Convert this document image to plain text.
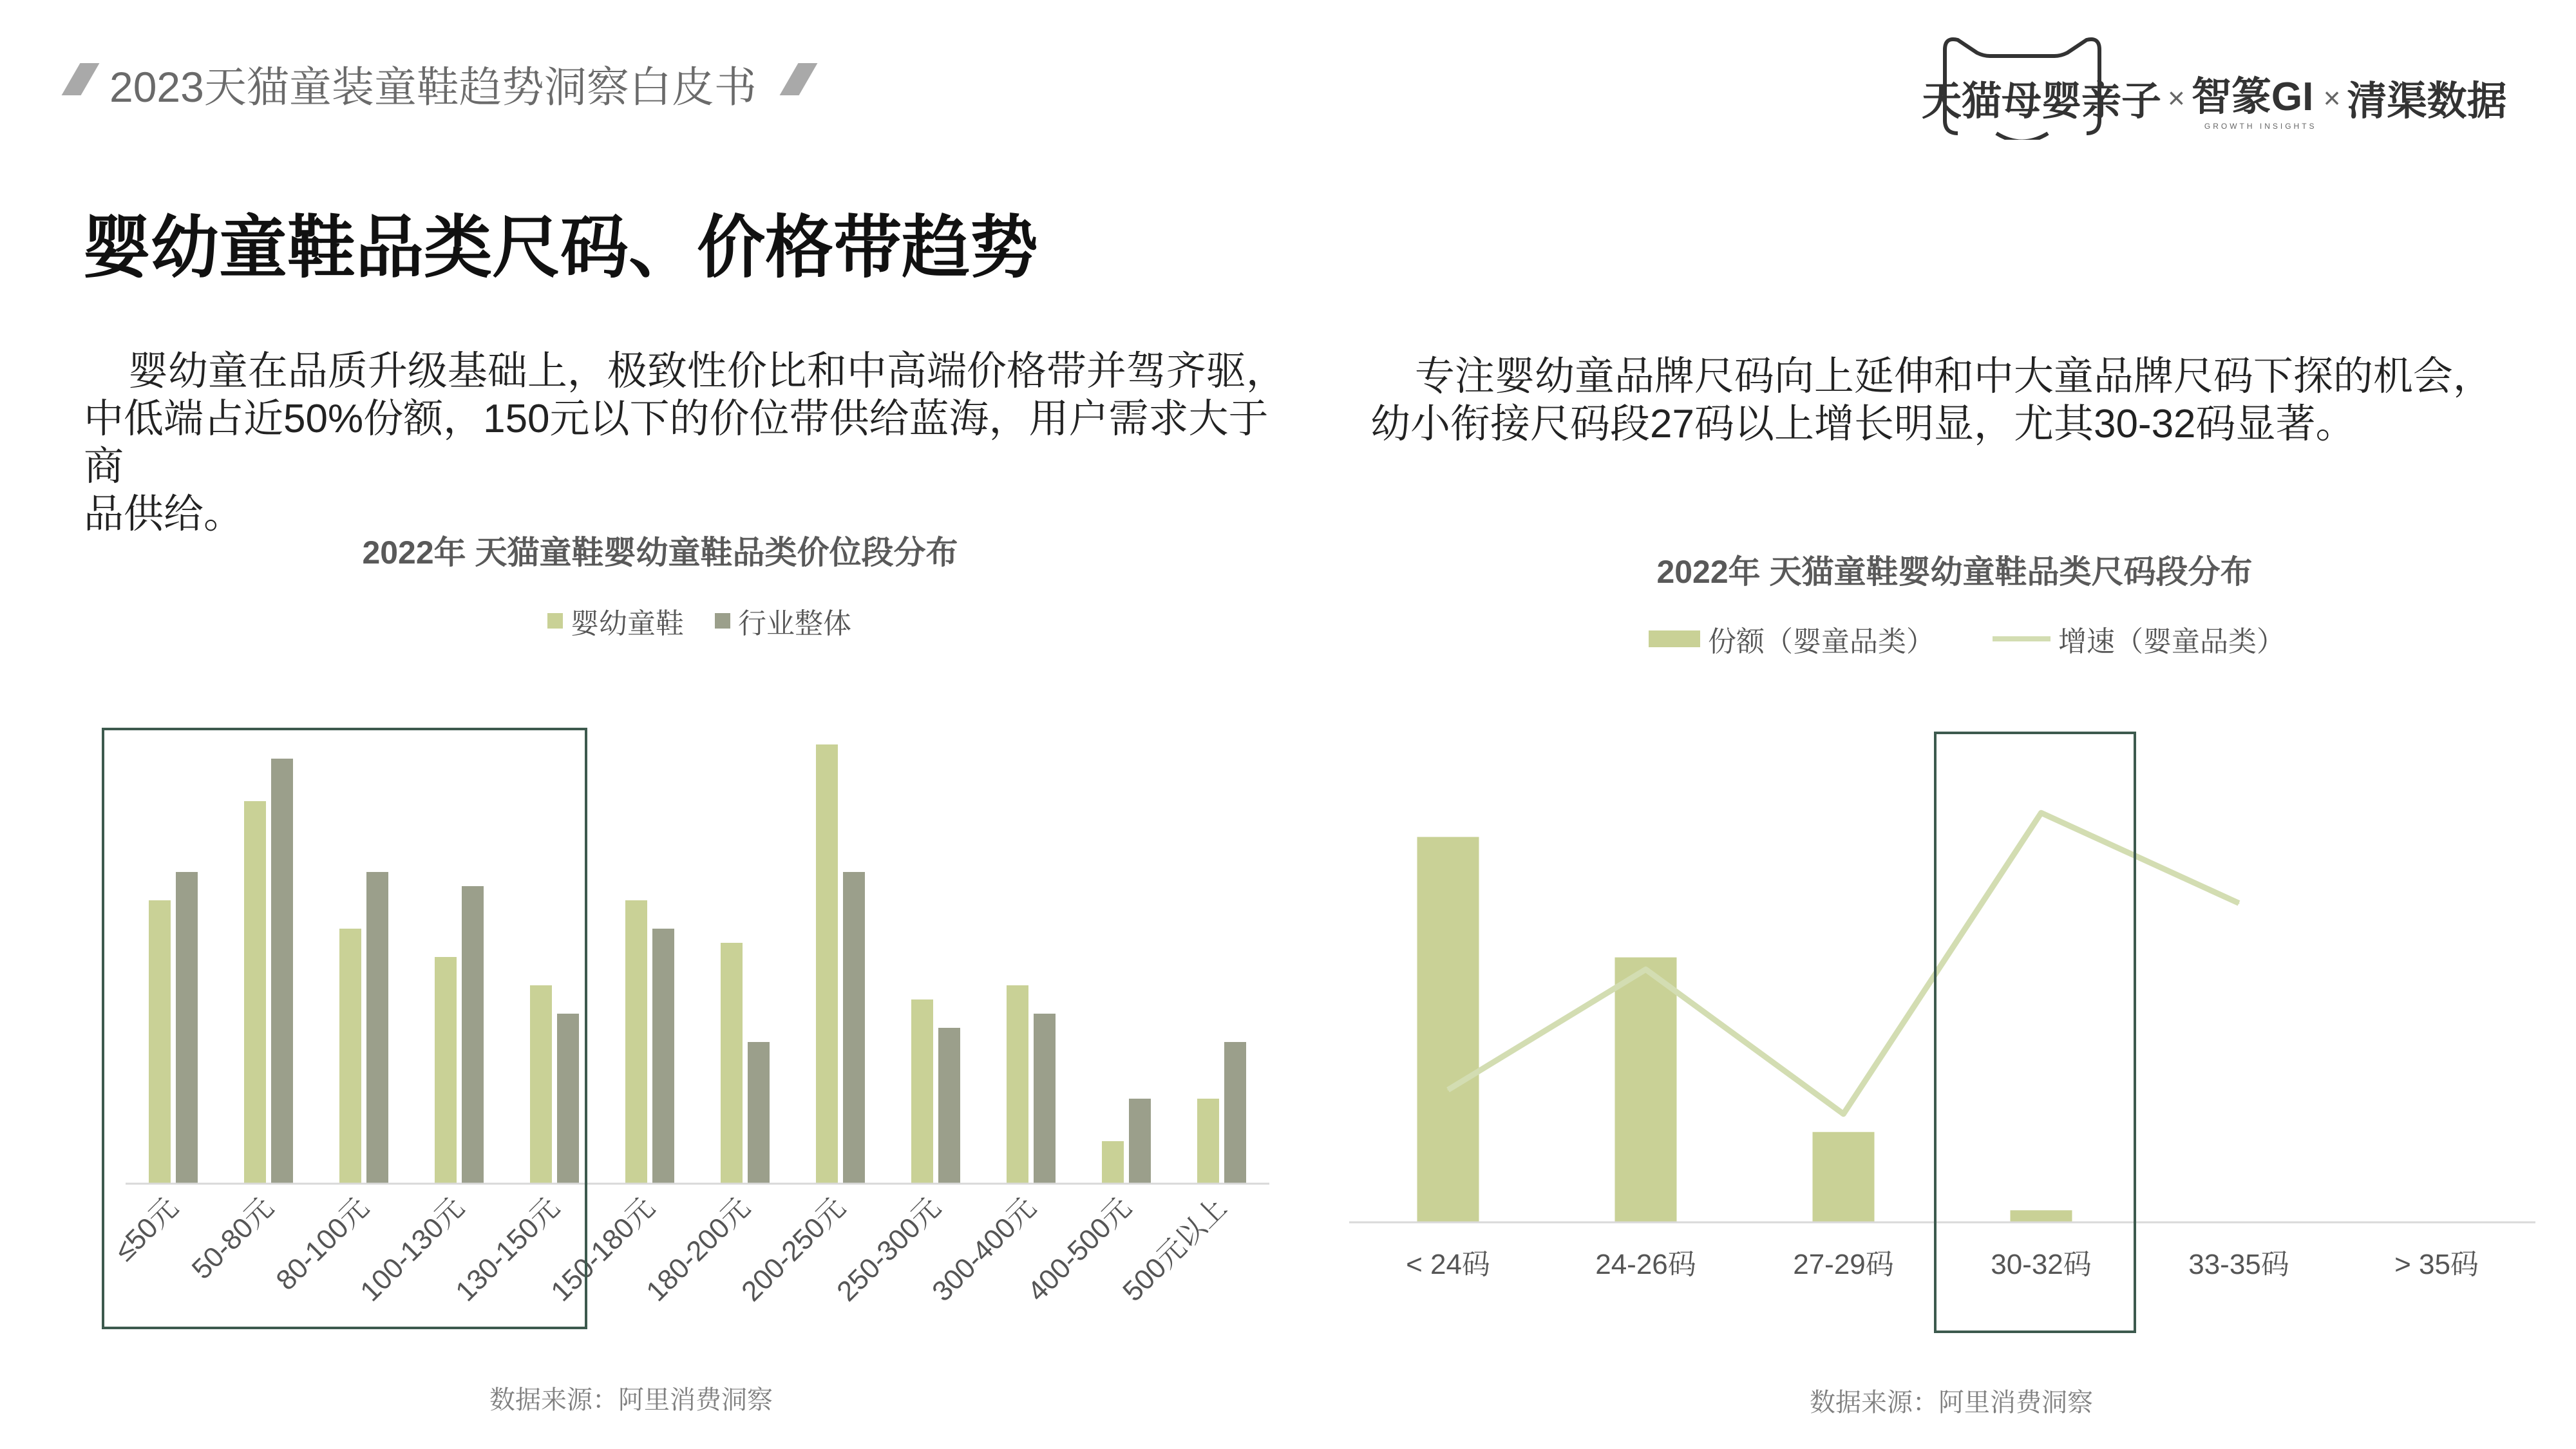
2023天猫童装童鞋趋势洞察白皮书	天猫母婴亲子 × 智篆GI
GROWTH INSIGHTS
× 清渠数据
婴幼童鞋品类尺码、价格带趋势
婴幼童在品质升级基础上，极致性价比和中高端价格带并驾齐驱，
中低端占近50%份额，150元以下的价位带供给蓝海，用户需求大于商
品供给。
专注婴幼童品牌尺码向上延伸和中大童品牌尺码下探的机会，
幼小衔接尺码段27码以上增长明显，尤其30-32码显著。
2022年 天猫童鞋婴幼童鞋品类价位段分布
婴幼童鞋 行业整体
≤50元 50-80元
80-100元
100-130元
130-150元
150-180元
180-200元
200-250元
250-300元
300-400元
400-500元
500元以上
数据来源：阿里消费洞察
2022年 天猫童鞋婴幼童鞋品类尺码段分布
份额（婴童品类）	增速（婴童品类）
< 24码	24-26码	27-29码	30-32码	33-35码	> 35码
数据来源：阿里消费洞察
